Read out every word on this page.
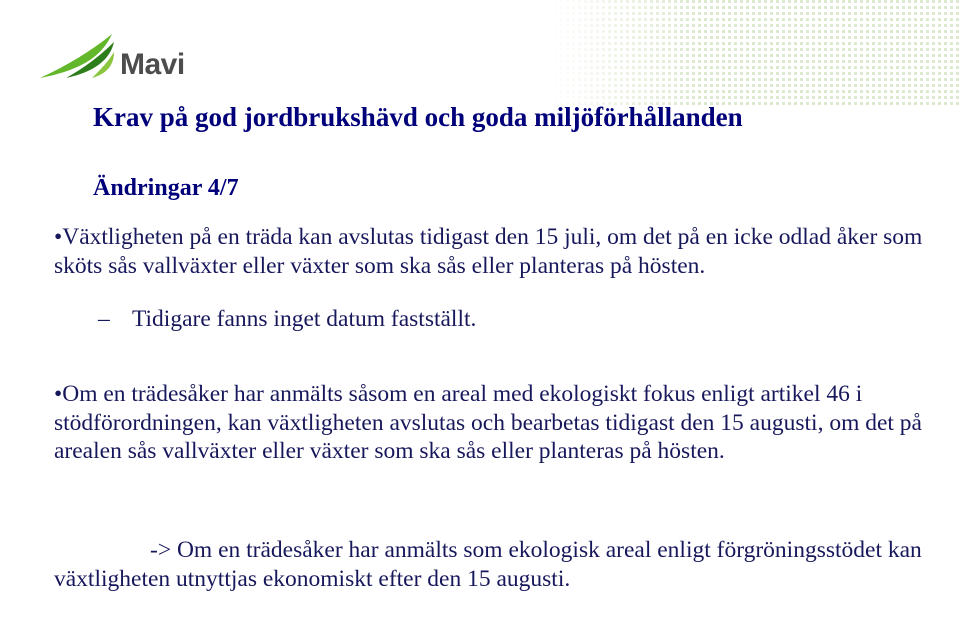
Mavi
Krav på god jordbrukshävd och goda miljöförhållanden
Ändringar 4/7
•Växtligheten på en träda kan avslutas tidigast den 15 juli, om det på en icke odlad åker som sköts sås vallväxter eller växter som ska sås eller planteras på hösten.
– Tidigare fanns inget datum fastställt.
•Om en trädesåker har anmälts såsom en areal med ekologiskt fokus enligt artikel 46 i stödförordningen, kan växtligheten avslutas och bearbetas tidigast den 15 augusti, om det på arealen sås vallväxter eller växter som ska sås eller planteras på hösten.
-> Om en trädesåker har anmälts som ekologisk areal enligt förgröningsstödet kan växtligheten utnyttjas ekonomiskt efter den 15 augusti.
